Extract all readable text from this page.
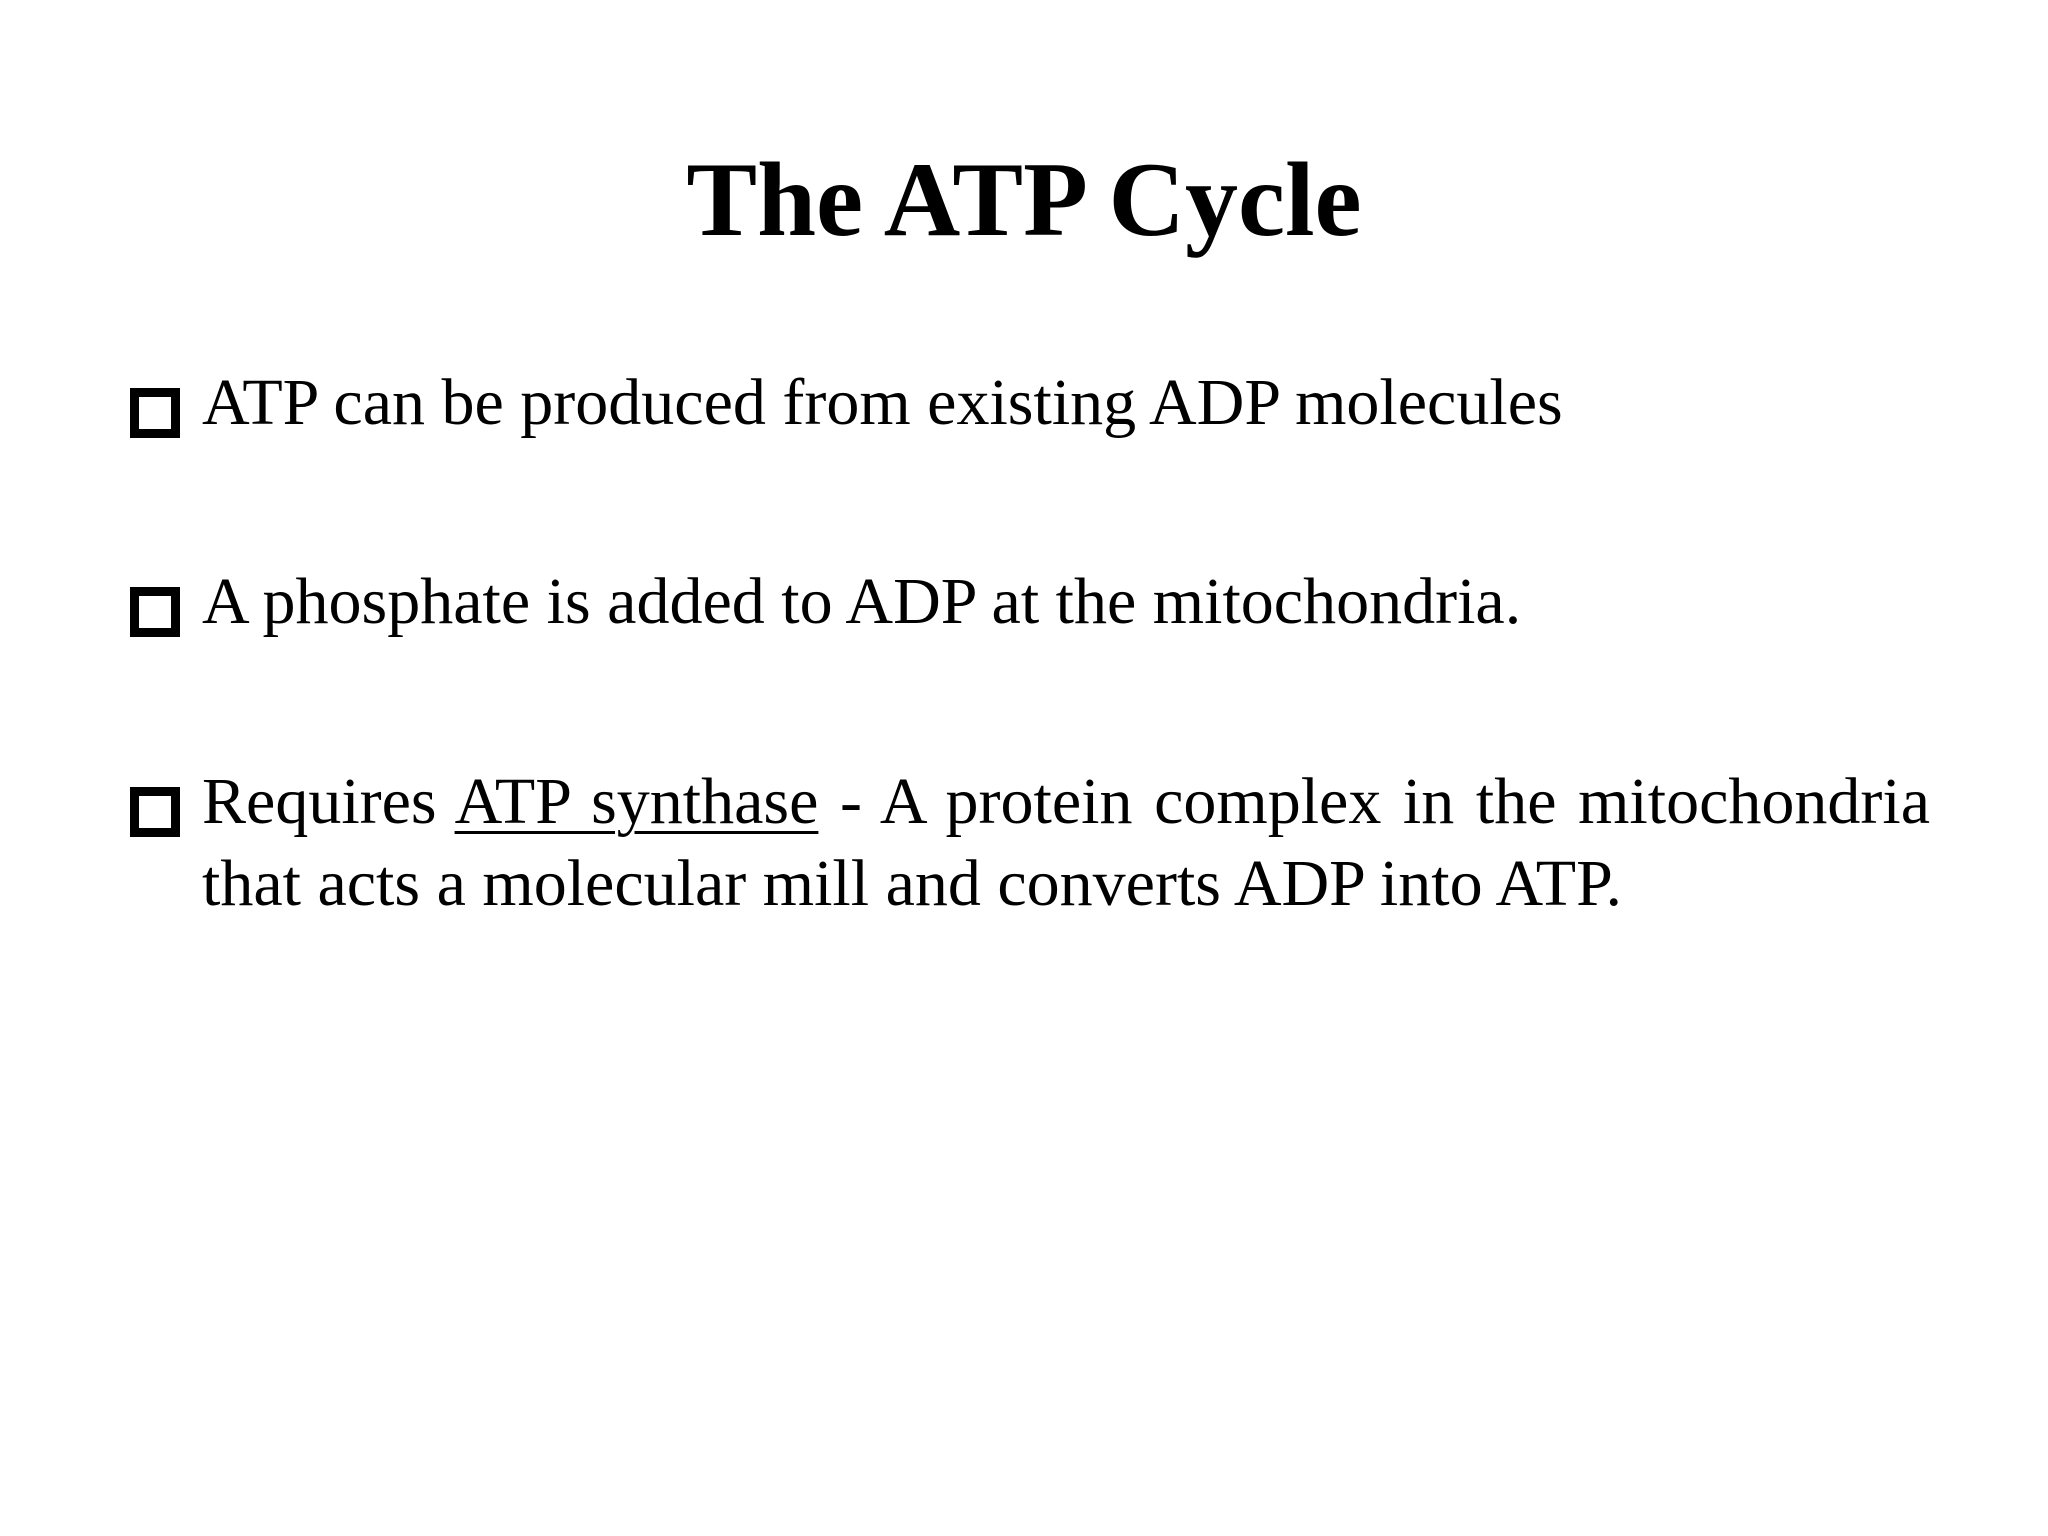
The ATP Cycle
ATP can be produced from existing ADP molecules
A phosphate is added to ADP at the mitochondria.
Requires ATP synthase - A protein complex in the mitochondria that acts a molecular mill and converts ADP into ATP.
